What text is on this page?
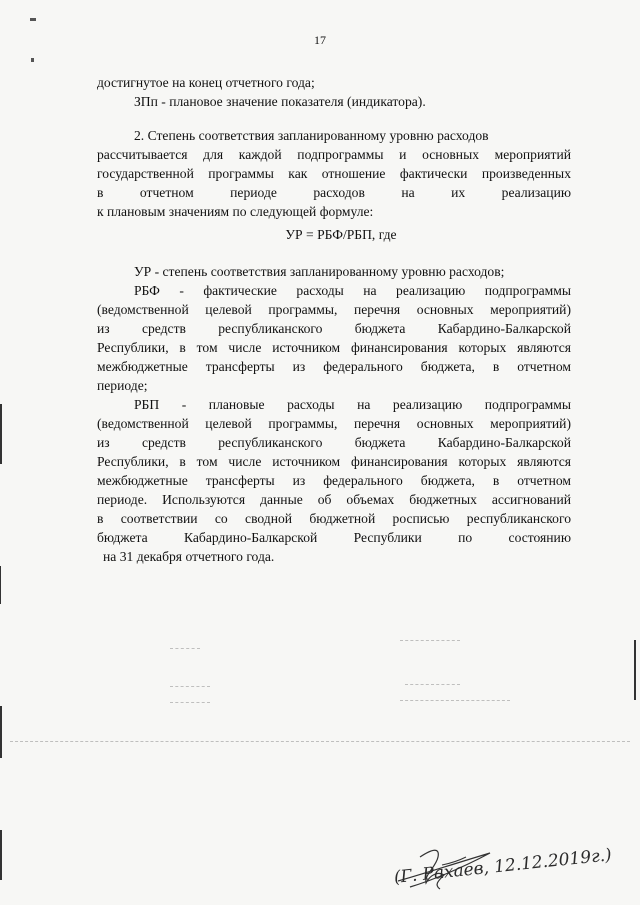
17
достигнутое на конец отчетного года;
ЗПп - плановое значение показателя (индикатора).
2. Степень соответствия запланированному уровню расходов
рассчитывается для каждой подпрограммы и основных мероприятий
государственной программы как отношение фактически произведенных
в отчетном периоде расходов на их реализацию
к плановым значениям по следующей формуле:
УР = РБФ/РБП, где
УР - степень соответствия запланированному уровню расходов;
РБФ - фактические расходы на реализацию подпрограммы
(ведомственной целевой программы, перечня основных мероприятий)
из средств республиканского бюджета Кабардино-Балкарской
Республики, в том числе источником финансирования которых являются
межбюджетные трансферты из федерального бюджета, в отчетном
периоде;
РБП - плановые расходы на реализацию подпрограммы
(ведомственной целевой программы, перечня основных мероприятий)
из средств республиканского бюджета Кабардино-Балкарской
Республики, в том числе источником финансирования которых являются
межбюджетные трансферты из федерального бюджета, в отчетном
периоде. Используются данные об объемах бюджетных ассигнований
в соответствии со сводной бюджетной росписью республиканского
бюджета Кабардино-Балкарской Республики по состоянию
на 31 декабря отчетного года.
(Г. Рахаев, 12.12.2019г.)
